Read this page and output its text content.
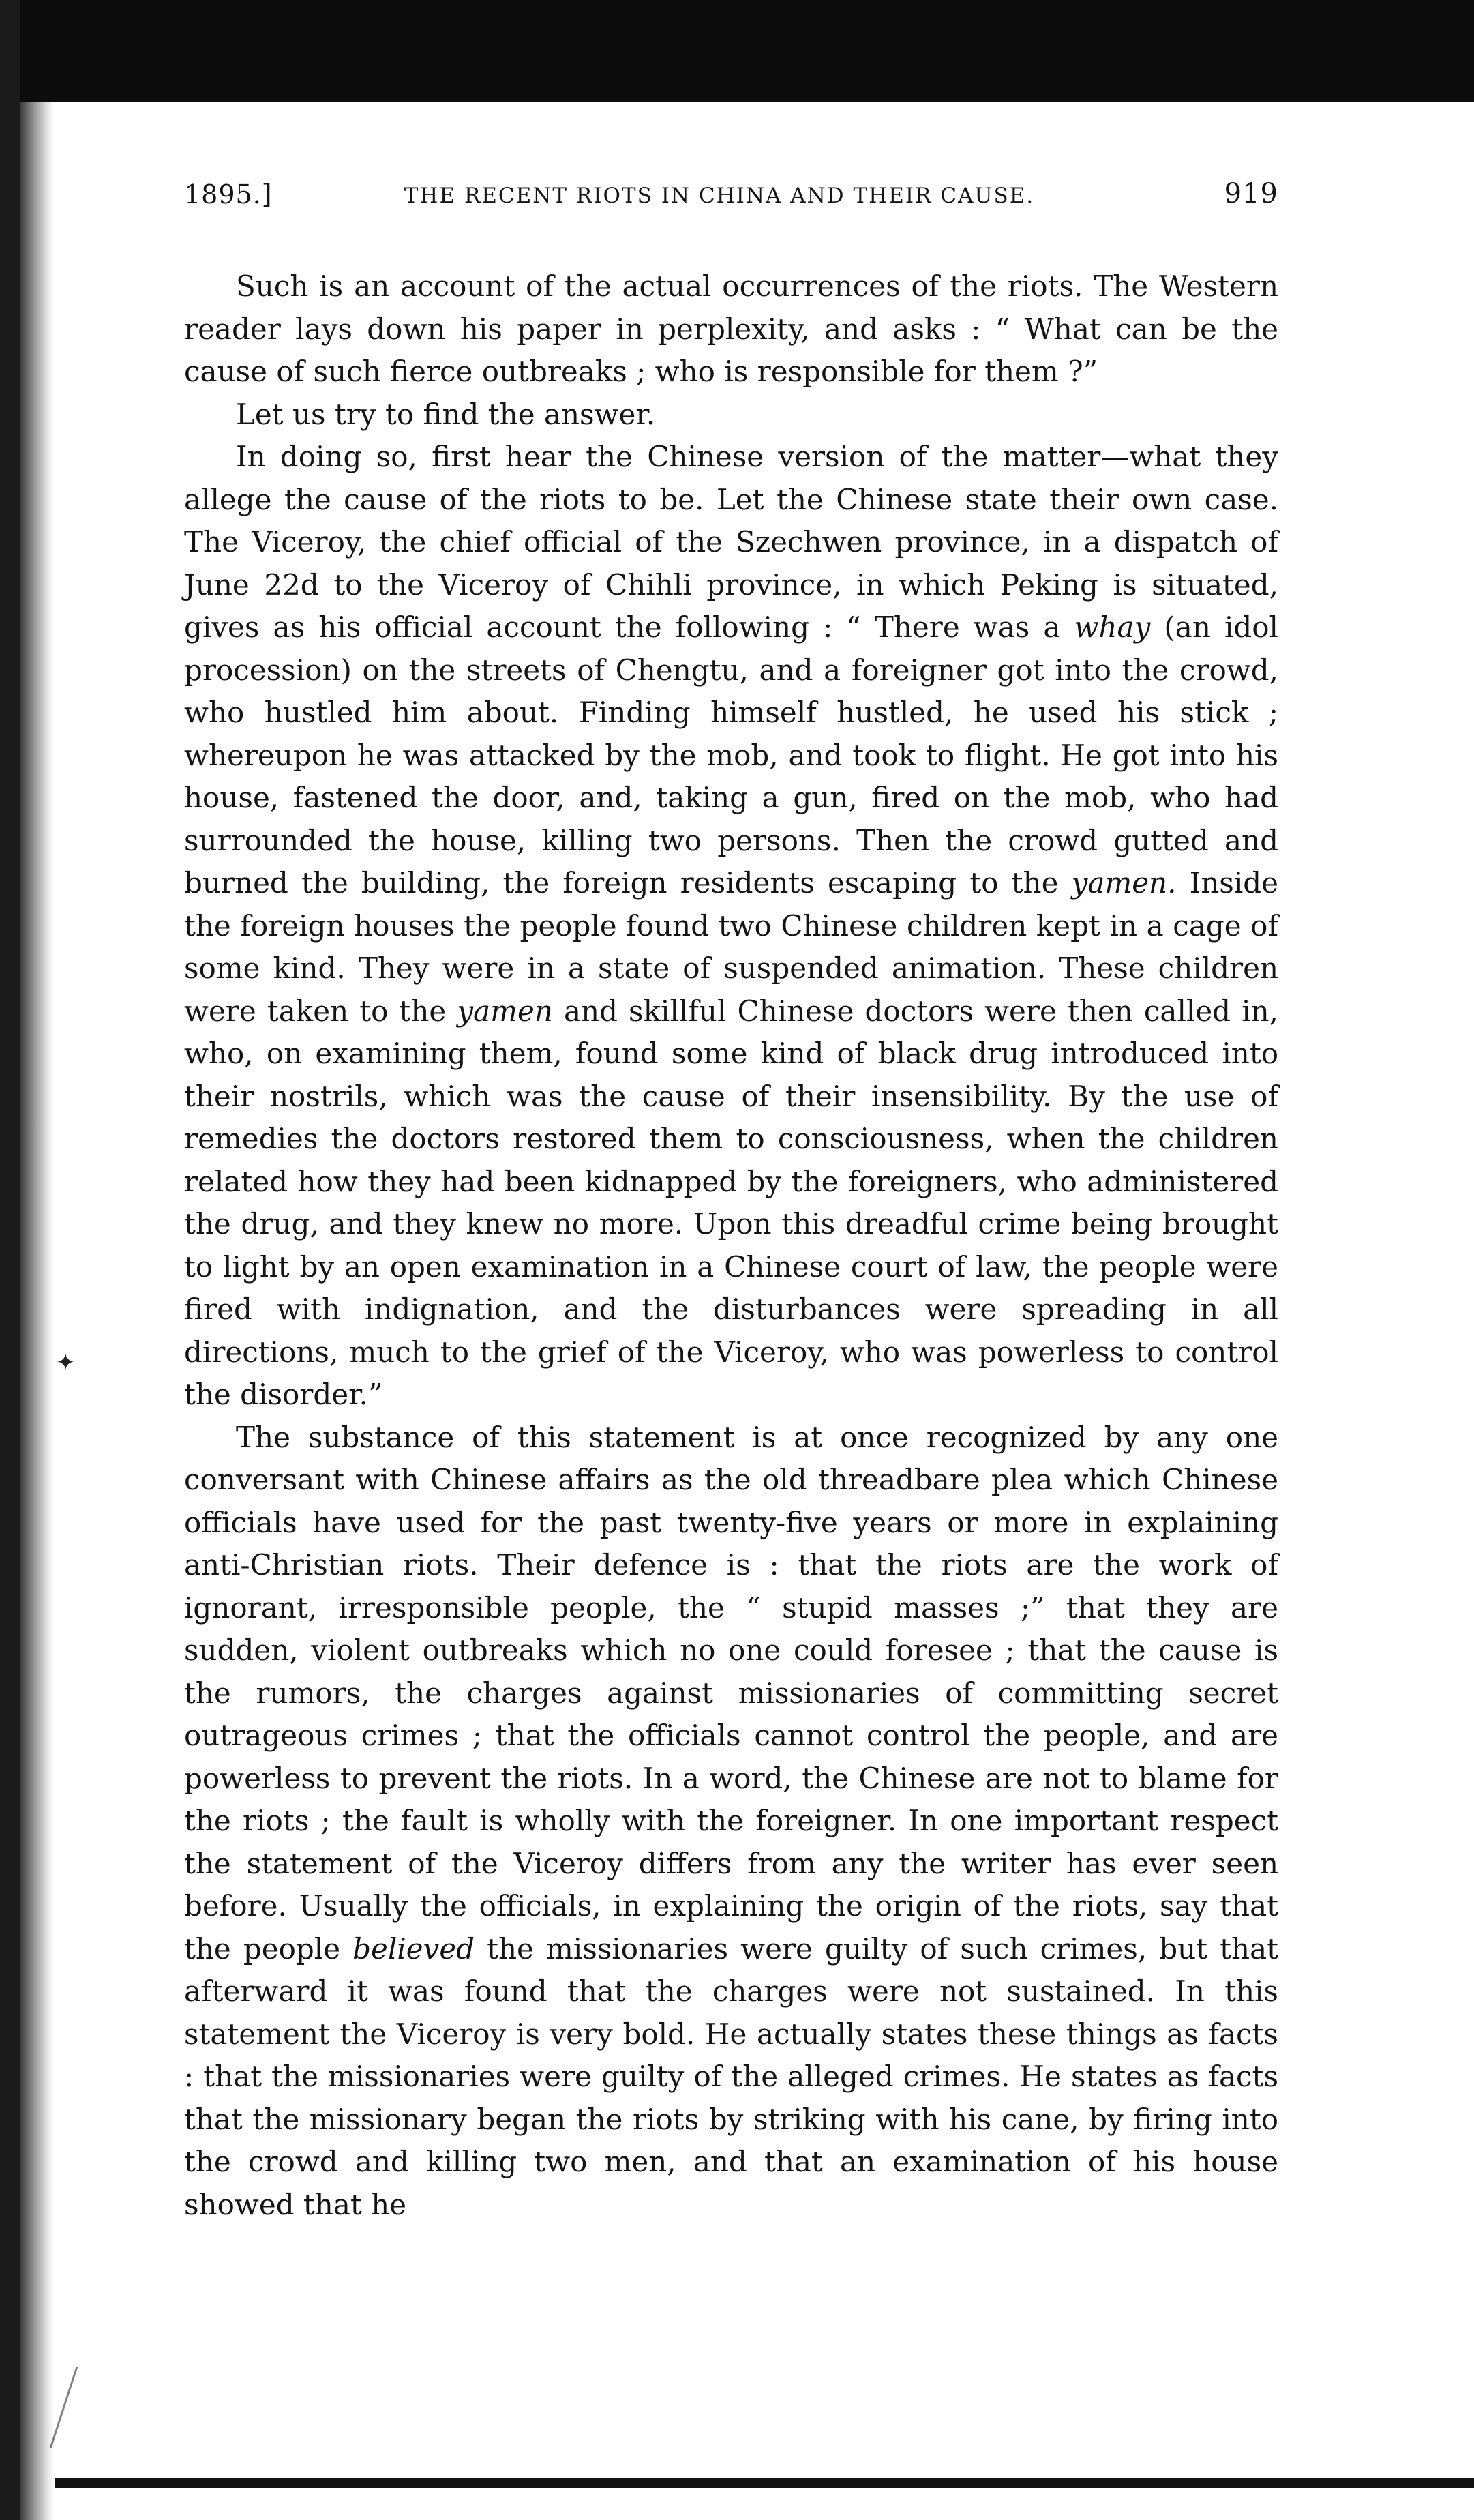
✦
1895.]	THE RECENT RIOTS IN CHINA AND THEIR CAUSE.	919

Such is an account of the actual occurrences of the riots. The Western reader lays down his paper in perplexity, and asks : “ What can be the cause of such fierce outbreaks ; who is responsible for them ?”

Let us try to find the answer.

In doing so, first hear the Chinese version of the matter—what they allege the cause of the riots to be. Let the Chinese state their own case. The Viceroy, the chief official of the Szechwen province, in a dispatch of June 22d to the Viceroy of Chihli province, in which Peking is situated, gives as his official account the following : “ There was a whay (an idol procession) on the streets of Chengtu, and a foreigner got into the crowd, who hustled him about. Finding himself hustled, he used his stick ; whereupon he was attacked by the mob, and took to flight. He got into his house, fastened the door, and, taking a gun, fired on the mob, who had surrounded the house, killing two persons. Then the crowd gutted and burned the building, the foreign residents escaping to the yamen. Inside the foreign houses the people found two Chinese children kept in a cage of some kind. They were in a state of suspended animation. These children were taken to the yamen and skillful Chinese doctors were then called in, who, on examining them, found some kind of black drug introduced into their nostrils, which was the cause of their insensibility. By the use of remedies the doctors restored them to consciousness, when the children related how they had been kidnapped by the foreigners, who administered the drug, and they knew no more. Upon this dreadful crime being brought to light by an open examination in a Chinese court of law, the people were fired with indignation, and the disturbances were spreading in all directions, much to the grief of the Viceroy, who was powerless to control the disorder.”

The substance of this statement is at once recognized by any one conversant with Chinese affairs as the old threadbare plea which Chinese officials have used for the past twenty-five years or more in explaining anti-Christian riots. Their defence is : that the riots are the work of ignorant, irresponsible people, the “ stupid masses ;” that they are sudden, violent outbreaks which no one could foresee ; that the cause is the rumors, the charges against missionaries of committing secret outrageous crimes ; that the officials cannot control the people, and are powerless to prevent the riots. In a word, the Chinese are not to blame for the riots ; the fault is wholly with the foreigner. In one important respect the statement of the Viceroy differs from any the writer has ever seen before. Usually the officials, in explaining the origin of the riots, say that the people believed the missionaries were guilty of such crimes, but that afterward it was found that the charges were not sustained. In this statement the Viceroy is very bold. He actually states these things as facts : that the missionaries were guilty of the alleged crimes. He states as facts that the missionary began the riots by striking with his cane, by firing into the crowd and killing two men, and that an examination of his house showed that he
